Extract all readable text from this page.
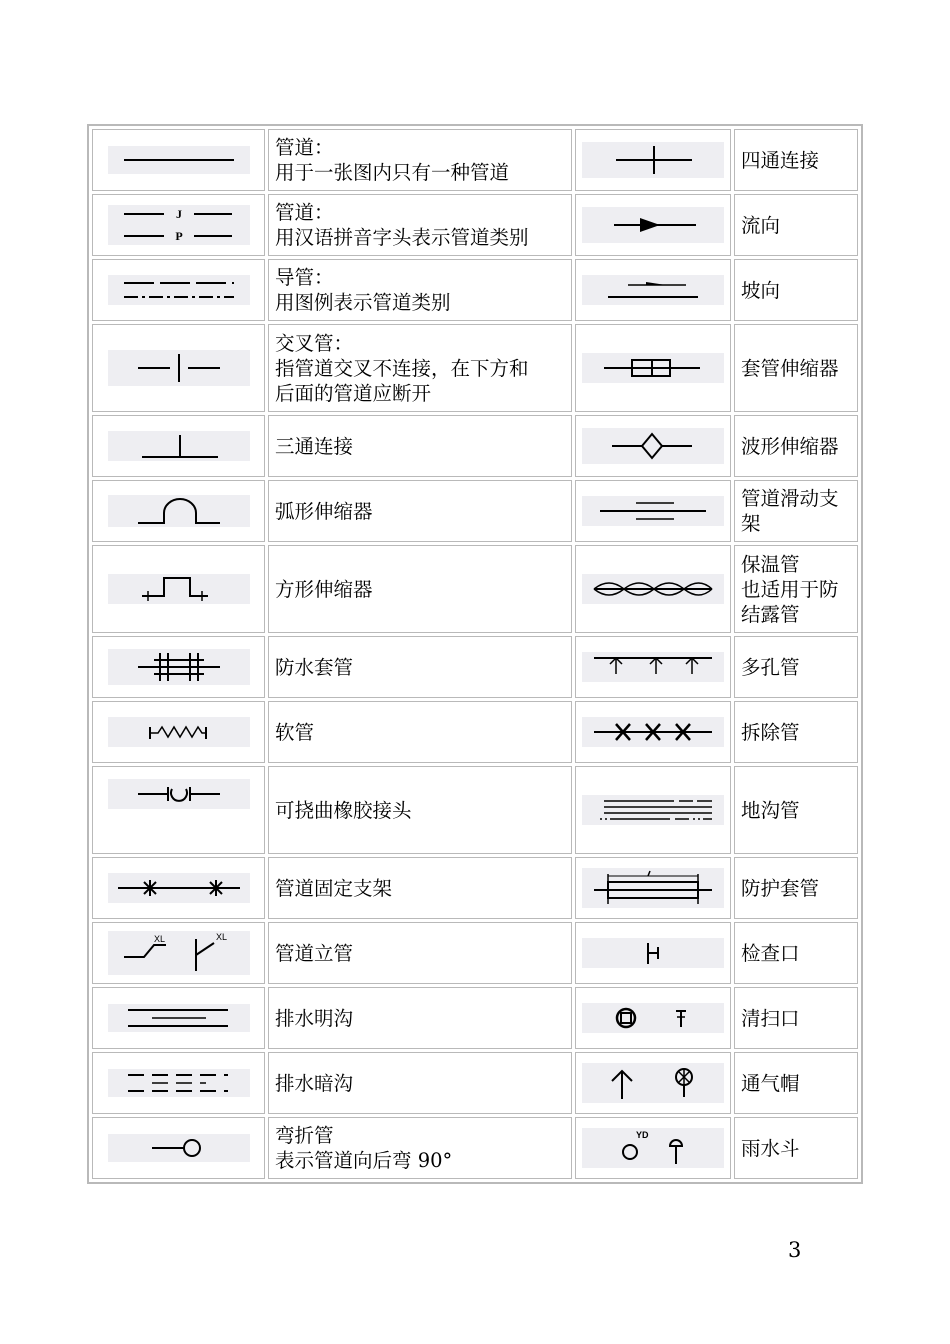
管道：
用于一张图内只有一种管道		四通连接

J
P	管道：
用汉语拼音字头表示管道类别		流向

导管：
用图例表示管道类别		坡向

交叉管：
指管道交叉不连接，在下方和
后面的管道应断开		套管伸缩器

三通连接		波形伸缩器

弧形伸缩器		管道滑动支
架

方形伸缩器		保温管
也适用于防
结露管

防水套管		多孔管

软管		拆除管

可挠曲橡胶接头		地沟管

管道固定支架		防护套管

XL XL	管道立管		检查口

排水明沟		清扫口

排水暗沟		通气帽

弯折管
表示管道向后弯 90°	YD	雨水斗
3
